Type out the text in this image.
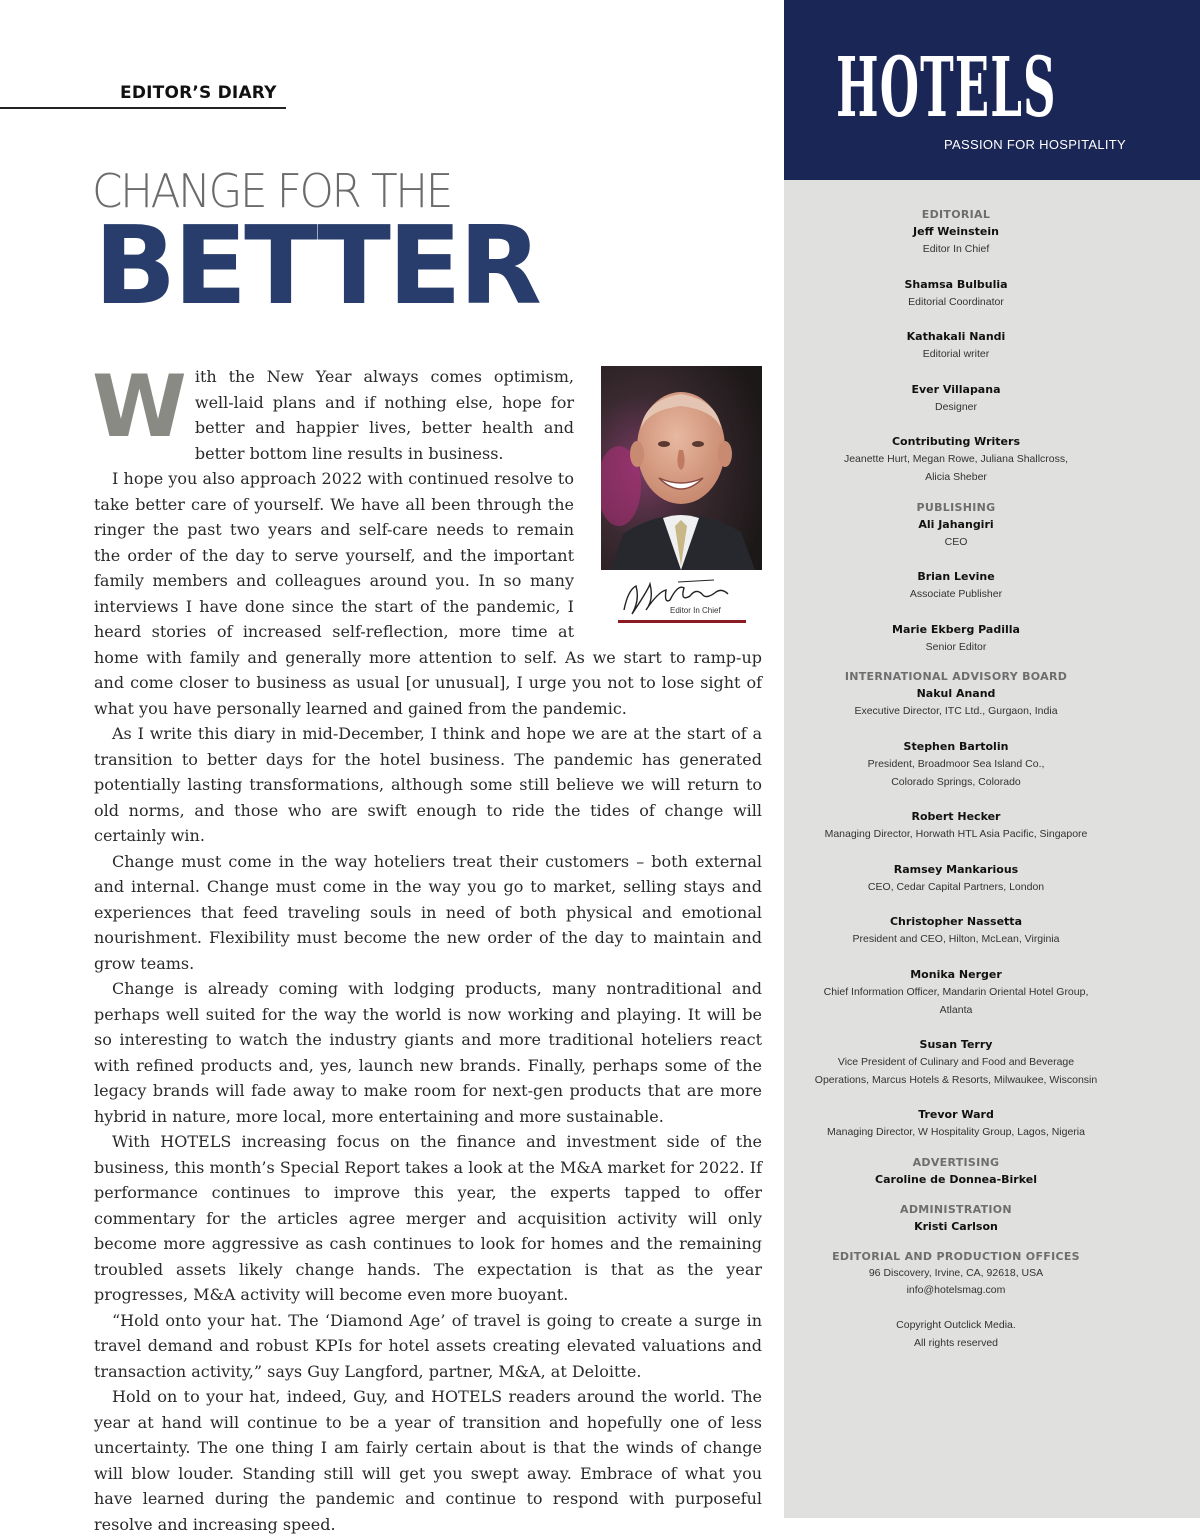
EDITOR’S DIARY
CHANGE FOR THE
BETTER
Editor In Chief

With the New Year always comes optimism, well-laid plans and if nothing else, hope for better and happier lives, better health and better bottom line results in business.

I hope you also approach 2022 with continued resolve to take better care of yourself. We have all been through the ringer the past two years and self-care needs to remain the order of the day to serve yourself, and the important family members and colleagues around you. In so many interviews I have done since the start of the pandemic, I heard stories of increased self-reflection, more time at home with family and generally more attention to self. As we start to ramp-up and come closer to business as usual [or unusual], I urge you not to lose sight of what you have personally learned and gained from the pandemic.

As I write this diary in mid-December, I think and hope we are at the start of a transition to better days for the hotel business. The pandemic has generated potentially lasting transformations, although some still believe we will return to old norms, and those who are swift enough to ride the tides of change will certainly win.

Change must come in the way hoteliers treat their customers – both external and internal. Change must come in the way you go to market, selling stays and experiences that feed traveling souls in need of both physical and emotional nourishment. Flexibility must become the new order of the day to maintain and grow teams.

Change is already coming with lodging products, many nontraditional and perhaps well suited for the way the world is now working and playing. It will be so interesting to watch the industry giants and more traditional hoteliers react with refined products and, yes, launch new brands. Finally, perhaps some of the legacy brands will fade away to make room for next-gen products that are more hybrid in nature, more local, more entertaining and more sustainable.

With HOTELS increasing focus on the finance and investment side of the business, this month’s Special Report takes a look at the M&A market for 2022. If performance continues to improve this year, the experts tapped to offer commentary for the articles agree merger and acquisition activity will only become more aggressive as cash continues to look for homes and the remaining troubled assets likely change hands. The expectation is that as the year progresses, M&A activity will become even more buoyant.

“Hold onto your hat. The ‘Diamond Age’ of travel is going to create a surge in travel demand and robust KPIs for hotel assets creating elevated valuations and transaction activity,” says Guy Langford, partner, M&A, at Deloitte.

Hold on to your hat, indeed, Guy, and HOTELS readers around the world. The year at hand will continue to be a year of transition and hopefully one of less uncertainty. The one thing I am fairly certain about is that the winds of change will blow louder. Standing still will get you swept away. Embrace of what you have learned during the pandemic and continue to respond with purposeful resolve and increasing speed.

HOTELS
PASSION FOR HOSPITALITY
EDITORIAL
Jeff Weinstein
Editor In Chief
Shamsa Bulbulia
Editorial Coordinator
Kathakali Nandi
Editorial writer
Ever Villapana
Designer
Contributing Writers
Jeanette Hurt, Megan Rowe, Juliana Shallcross,
Alicia Sheber
PUBLISHING
Ali Jahangiri
CEO
Brian Levine
Associate Publisher
Marie Ekberg Padilla
Senior Editor
INTERNATIONAL ADVISORY BOARD
Nakul Anand
Executive Director, ITC Ltd., Gurgaon, India
Stephen Bartolin
President, Broadmoor Sea Island Co.,
Colorado Springs, Colorado
Robert Hecker
Managing Director, Horwath HTL Asia Pacific, Singapore
Ramsey Mankarious
CEO, Cedar Capital Partners, London
Christopher Nassetta
President and CEO, Hilton, McLean, Virginia
Monika Nerger
Chief Information Officer, Mandarin Oriental Hotel Group,
Atlanta
Susan Terry
Vice President of Culinary and Food and Beverage
Operations, Marcus Hotels & Resorts, Milwaukee, Wisconsin
Trevor Ward
Managing Director, W Hospitality Group, Lagos, Nigeria
ADVERTISING
Caroline de Donnea-Birkel
ADMINISTRATION
Kristi Carlson
EDITORIAL AND PRODUCTION OFFICES
96 Discovery, Irvine, CA, 92618, USA
info@hotelsmag.com
Copyright Outclick Media.
All rights reserved
